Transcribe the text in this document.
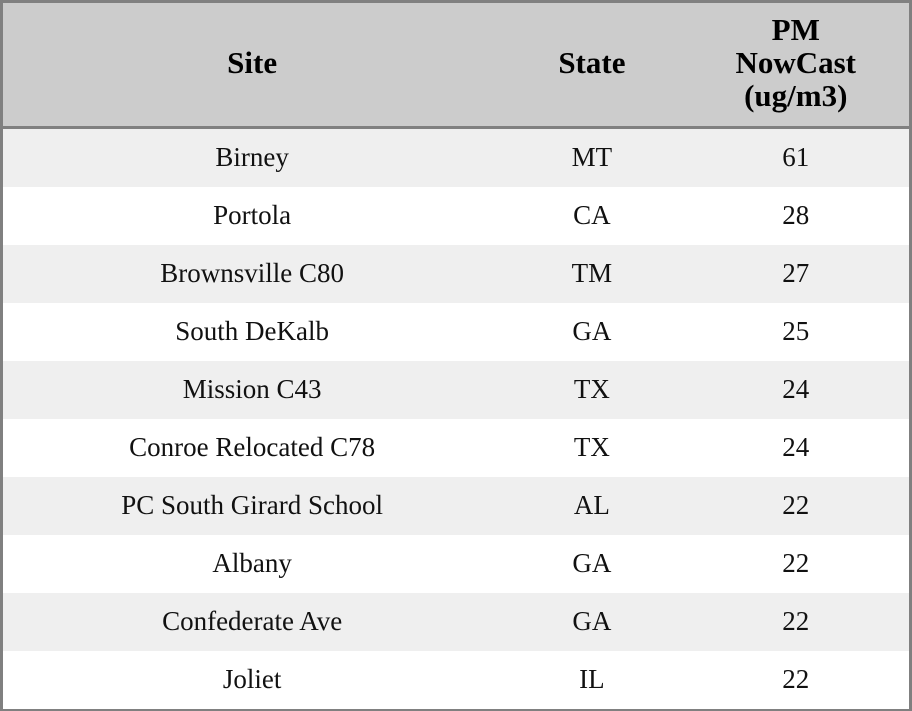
Site	State	PM
NowCast
(ug/m3)

Birney	MT	61
Portola	CA	28
Brownsville C80	TM	27
South DeKalb	GA	25
Mission C43	TX	24
Conroe Relocated C78	TX	24
PC South Girard School	AL	22
Albany	GA	22
Confederate Ave	GA	22
Joliet	IL	22
